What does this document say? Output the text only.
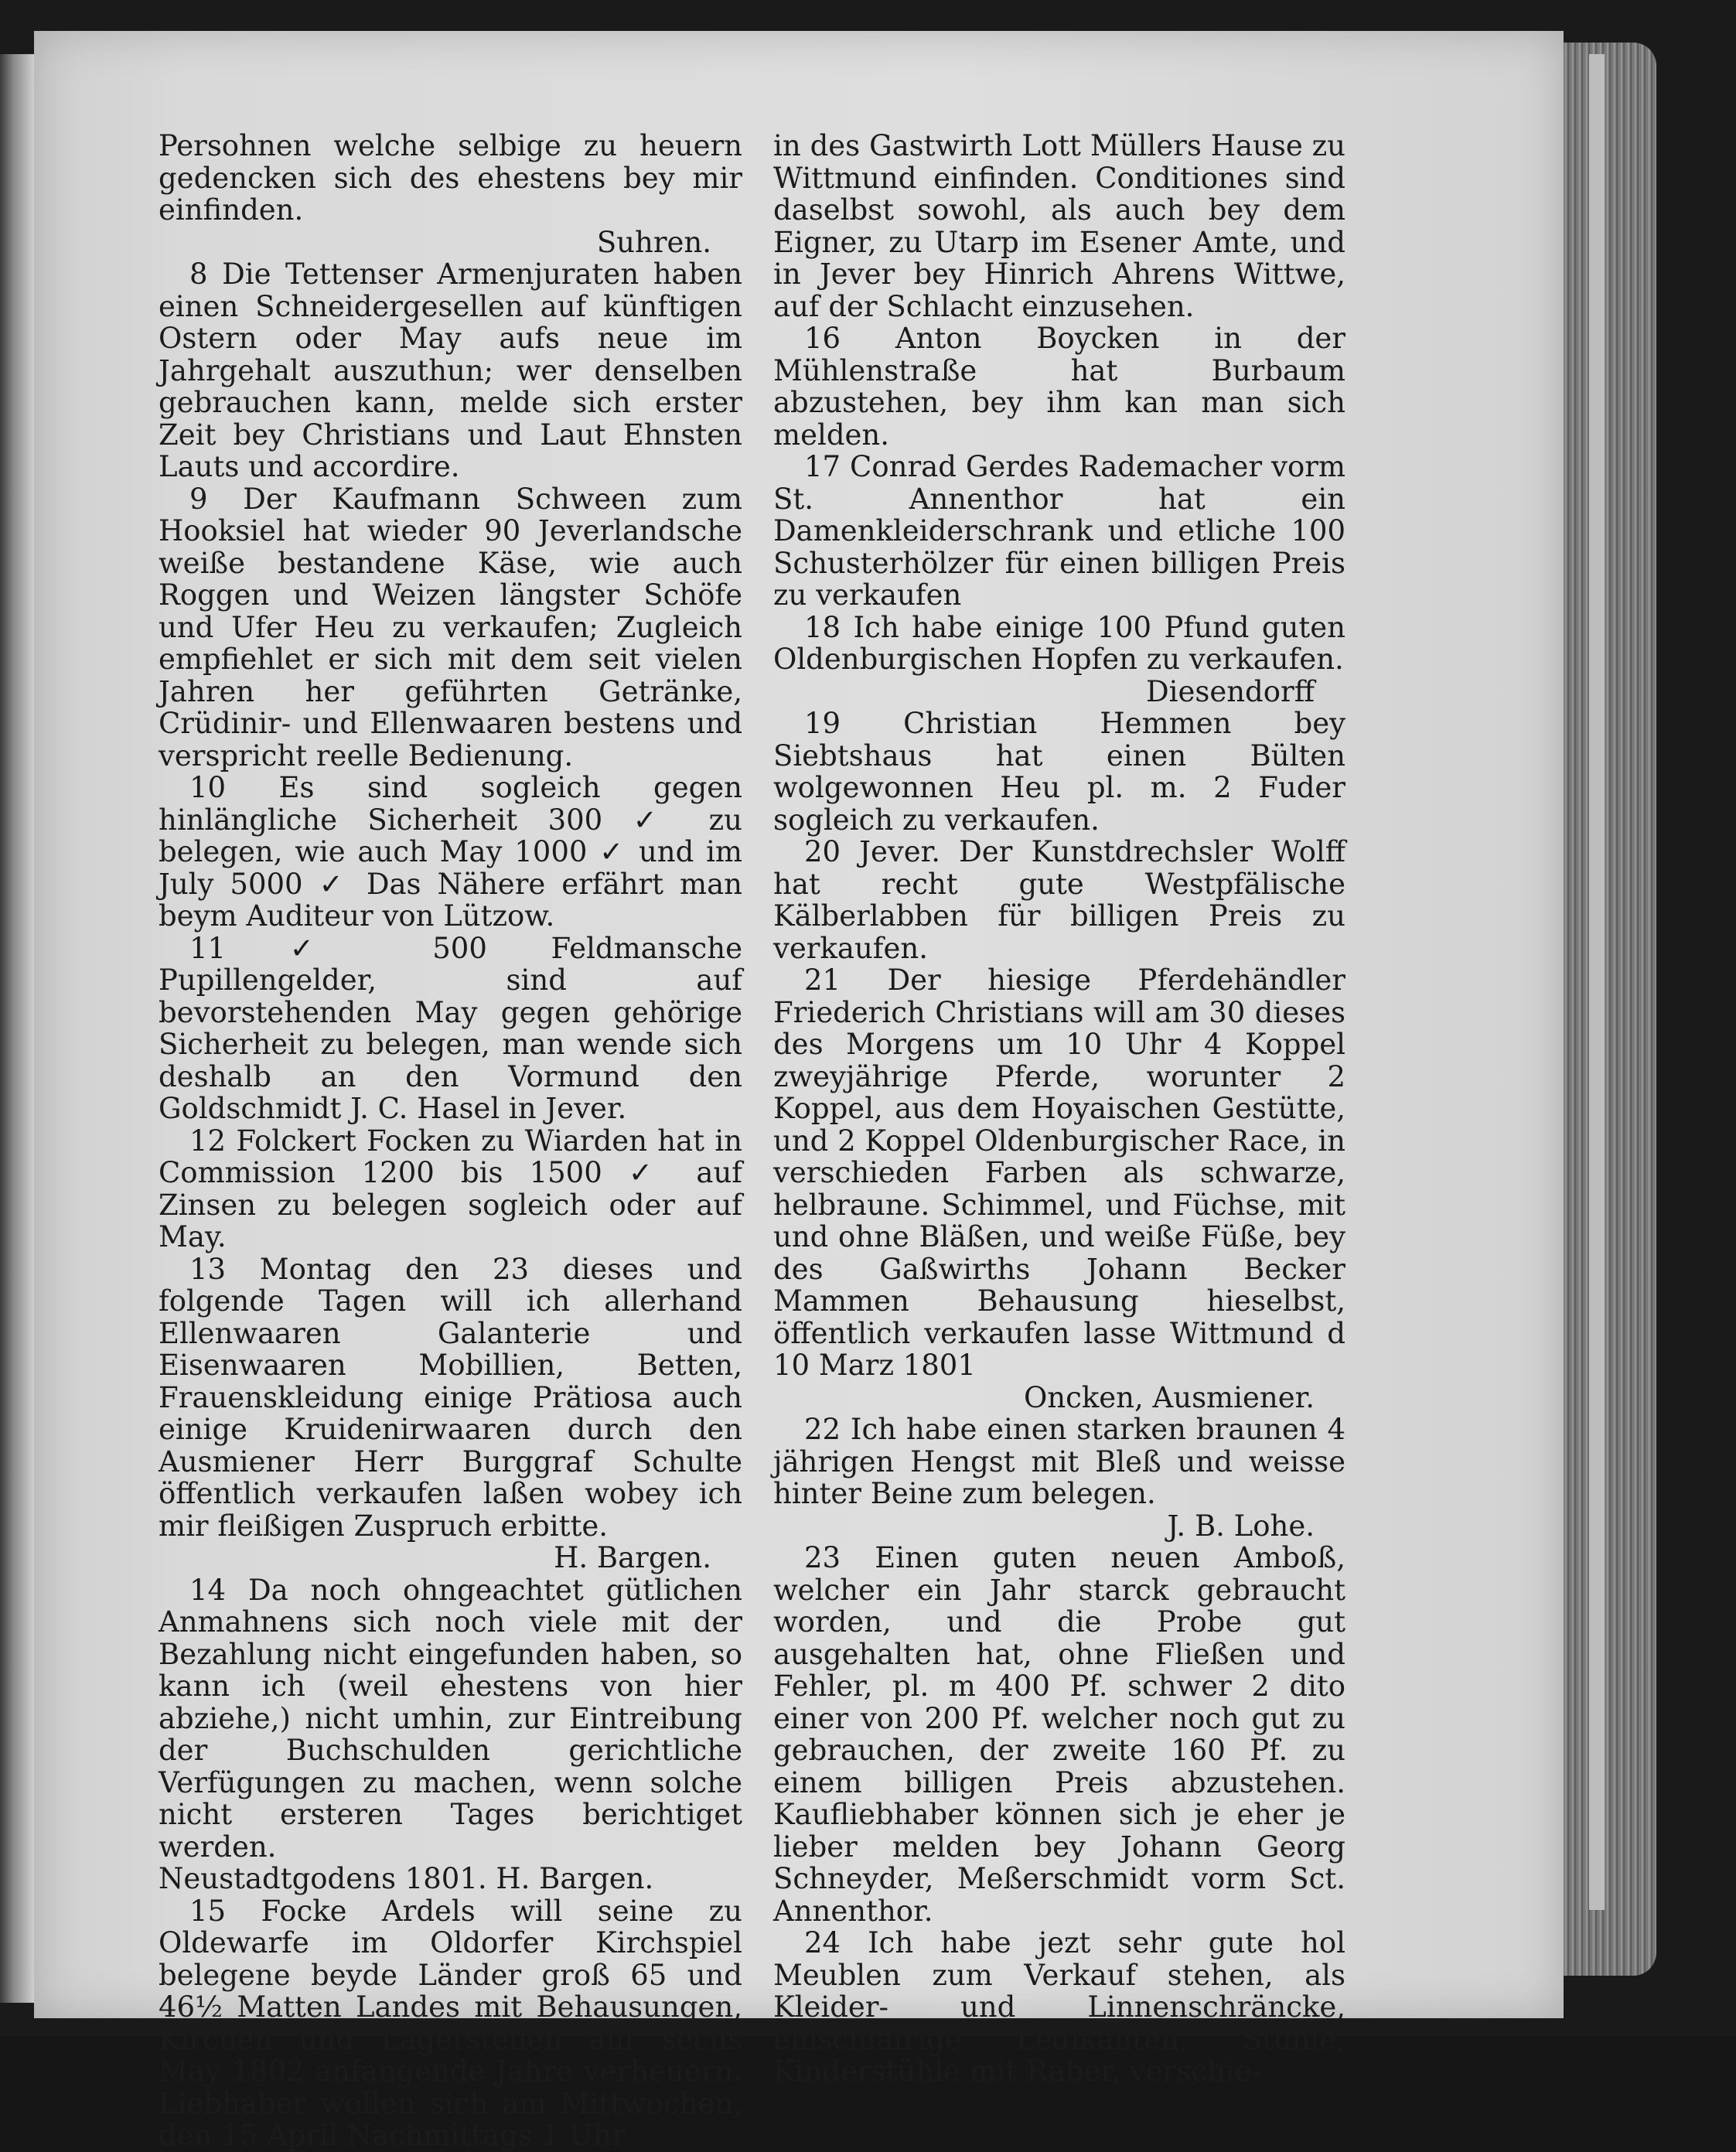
Persohnen welche selbige zu heuern gedencken sich des ehestens bey mir einfinden.

Suhren.

8 Die Tettenser Armenjuraten haben einen Schneidergesellen auf künftigen Ostern oder May aufs neue im Jahrgehalt auszuthun; wer denselben gebrauchen kann, melde sich erster Zeit bey Christians und Laut Ehnsten Lauts und accordire.

9 Der Kaufmann Schween zum Hooksiel hat wieder 90 Jeverlandsche weiße bestandene Käse, wie auch Roggen und Weizen längster Schöfe und Ufer Heu zu verkaufen; Zugleich empfiehlet er sich mit dem seit vielen Jahren her geführten Getränke, Crüdinir- und Ellenwaaren bestens und verspricht reelle Bedienung.

10 Es sind sogleich gegen hinlängliche Sicherheit 300 ✓ zu belegen, wie auch May 1000 ✓ und im July 5000 ✓ Das Nähere erfährt man beym Auditeur von Lützow.

11 ✓ 500 Feldmansche Pupillengelder, sind auf bevorstehenden May gegen gehörige Sicherheit zu belegen, man wende sich deshalb an den Vormund den Goldschmidt J. C. Hasel in Jever.

12 Folckert Focken zu Wiarden hat in Commission 1200 bis 1500 ✓ auf Zinsen zu belegen sogleich oder auf May.

13 Montag den 23 dieses und folgende Tagen will ich allerhand Ellenwaaren Galanterie und Eisenwaaren Mobillien, Betten, Frauenskleidung einige Prätiosa auch einige Kruidenirwaaren durch den Ausmiener Herr Burggraf Schulte öffentlich verkaufen laßen wobey ich mir fleißigen Zuspruch erbitte.

H. Bargen.

14 Da noch ohngeachtet gütlichen Anmahnens sich noch viele mit der Bezahlung nicht eingefunden haben, so kann ich (weil ehestens von hier abziehe,) nicht umhin, zur Eintreibung der Buchschulden gerichtliche Verfügungen zu machen, wenn solche nicht ersteren Tages berichtiget werden.

Neustadtgodens 1801. H. Bargen.

15 Focke Ardels will seine zu Oldewarfe im Oldorfer Kirchspiel belegene beyde Länder groß 65 und 46½ Matten Landes mit Behausungen, Kirchen und Lägerstellen auf sechs May 1802 anfangende Jahre verheuern. Liebhaber wollen sich am Mittwochen, den 15 April Nachmittags 1 Uhr

in des Gastwirth Lott Müllers Hause zu Wittmund einfinden. Conditiones sind daselbst sowohl, als auch bey dem Eigner, zu Utarp im Esener Amte, und in Jever bey Hinrich Ahrens Wittwe, auf der Schlacht einzusehen.

16 Anton Boycken in der Mühlenstraße hat Burbaum abzustehen, bey ihm kan man sich melden.

17 Conrad Gerdes Rademacher vorm St. Annenthor hat ein Damenkleiderschrank und etliche 100 Schusterhölzer für einen billigen Preis zu verkaufen

18 Ich habe einige 100 Pfund guten Oldenburgischen Hopfen zu verkaufen.

Diesendorff

19 Christian Hemmen bey Siebtshaus hat einen Bülten wolgewonnen Heu pl. m. 2 Fuder sogleich zu verkaufen.

20 Jever. Der Kunstdrechsler Wolff hat recht gute Westpfälische Kälberlabben für billigen Preis zu verkaufen.

21 Der hiesige Pferdehändler Friederich Christians will am 30 dieses des Morgens um 10 Uhr 4 Koppel zweyjährige Pferde, worunter 2 Koppel, aus dem Hoyaischen Gestütte, und 2 Koppel Oldenburgischer Race, in verschieden Farben als schwarze, helbraune. Schimmel, und Füchse, mit und ohne Bläßen, und weiße Füße, bey des Gaßwirths Johann Becker Mammen Behausung hieselbst, öffentlich verkaufen lasse Wittmund d 10 Marz 1801

Oncken, Ausmiener.

22 Ich habe einen starken braunen 4 jährigen Hengst mit Bleß und weisse hinter Beine zum belegen.

J. B. Lohe.

23 Einen guten neuen Amboß, welcher ein Jahr starck gebraucht worden, und die Probe gut ausgehalten hat, ohne Fließen und Fehler, pl. m 400 Pf. schwer 2 dito einer von 200 Pf. welcher noch gut zu gebrauchen, der zweite 160 Pf. zu einem billigen Preis abzustehen. Kaufliebhaber können sich je eher je lieber melden bey Johann Georg Schneyder, Meßerschmidt vorm Sct. Annenthor.

24 Ich habe jezt sehr gute hol Meublen zum Verkauf stehen, als Kleider- und Linnenschräncke, einschläfrige Ledikanten, Stühle, Kinderstühle mit Raber, verschie-
